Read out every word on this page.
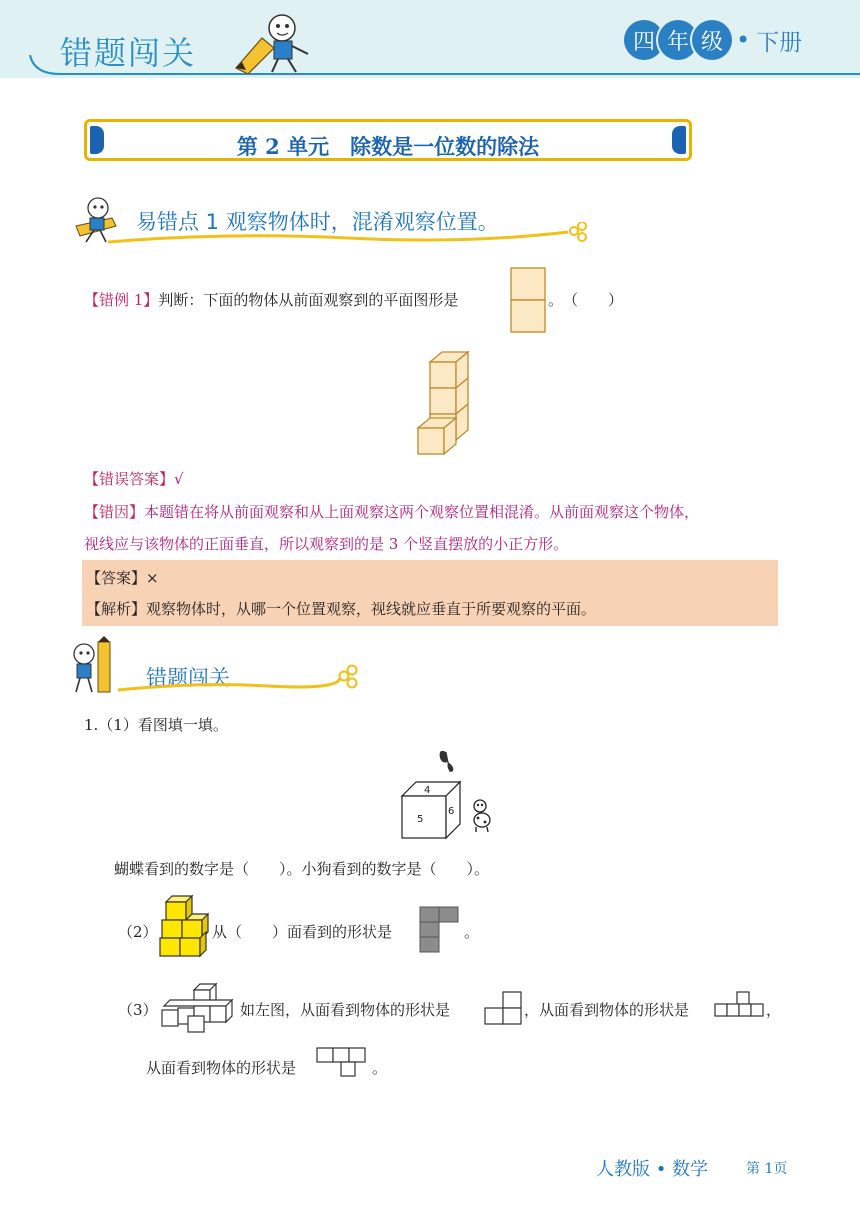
错题闯关	四 年 级 • 下册
第 2 单元　除数是一位数的除法
易错点 1 观察物体时，混淆观察位置。
【错例 1】判断：下面的物体从前面观察到的平面图形是	。　（　　）
【错误答案】√
【错因】本题错在将从前面观察和从上面观察这两个观察位置相混淆。从前面观察这个物体，
视线应与该物体的正面垂直，所以观察到的是 3 个竖直摆放的小正方形。
【答案】×
【解析】观察物体时，从哪一个位置观察，视线就应垂直于所要观察的平面。
错题闯关
1.（1）看图填一填。
4
5
6
蝴蝶看到的数字是（　　）。小狗看到的数字是（　　）。
（2）	从（　　）面看到的形状是	。
（3）	如左图，从面看到物体的形状是	，从面看到物体的形状是	，
从面看到物体的形状是	。
人教版 • 数学	第 1页
